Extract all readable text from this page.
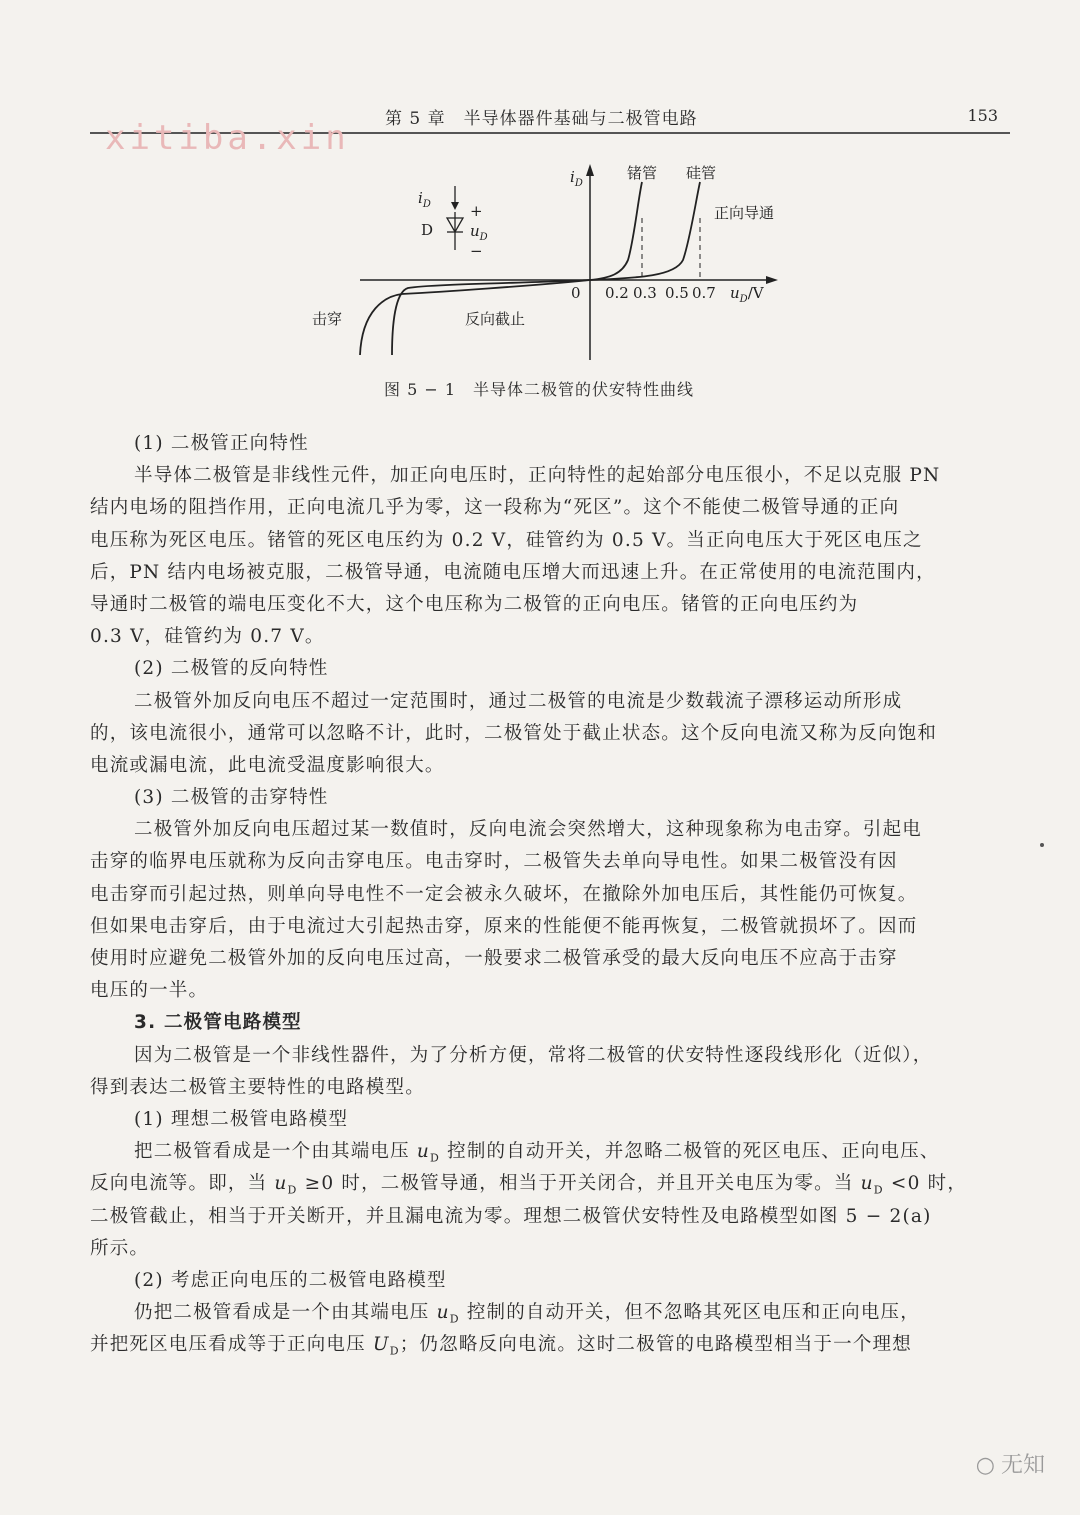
第 5 章　半导体器件基础与二极管电路	153
xitiba.xin
$i_D$
锗管 硅管
正向导通
击穿	反向截止
0 0.2 0.3 0.5 0.7 $u_D/V$
$i_D$
D
+
$u_D$
−
图 5 − 1　半导体二极管的伏安特性曲线
(1) 二极管正向特性
半导体二极管是非线性元件，加正向电压时，正向特性的起始部分电压很小，不足以克服 PN
结内电场的阻挡作用，正向电流几乎为零，这一段称为“死区”。这个不能使二极管导通的正向
电压称为死区电压。锗管的死区电压约为 0.2 V，硅管约为 0.5 V。当正向电压大于死区电压之
后，PN 结内电场被克服，二极管导通，电流随电压增大而迅速上升。在正常使用的电流范围内，
导通时二极管的端电压变化不大，这个电压称为二极管的正向电压。锗管的正向电压约为
0.3 V，硅管约为 0.7 V。
(2) 二极管的反向特性
二极管外加反向电压不超过一定范围时，通过二极管的电流是少数载流子漂移运动所形成
的，该电流很小，通常可以忽略不计，此时，二极管处于截止状态。这个反向电流又称为反向饱和
电流或漏电流，此电流受温度影响很大。
(3) 二极管的击穿特性
二极管外加反向电压超过某一数值时，反向电流会突然增大，这种现象称为电击穿。引起电
击穿的临界电压就称为反向击穿电压。电击穿时，二极管失去单向导电性。如果二极管没有因
电击穿而引起过热，则单向导电性不一定会被永久破坏，在撤除外加电压后，其性能仍可恢复。
但如果电击穿后，由于电流过大引起热击穿，原来的性能便不能再恢复，二极管就损坏了。因而
使用时应避免二极管外加的反向电压过高，一般要求二极管承受的最大反向电压不应高于击穿
电压的一半。
3. 二极管电路模型
因为二极管是一个非线性器件，为了分析方便，常将二极管的伏安特性逐段线形化（近似），
得到表达二极管主要特性的电路模型。
(1) 理想二极管电路模型
把二极管看成是一个由其端电压 $u_D$ 控制的自动开关，并忽略二极管的死区电压、正向电压、
反向电流等。即，当 $u_D \ge 0$ 时，二极管导通，相当于开关闭合，并且开关电压为零。当 $u_D <0$ 时，
二极管截止，相当于开关断开，并且漏电流为零。理想二极管伏安特性及电路模型如图 5 − 2(a)
所示。
(2) 考虑正向电压的二极管电路模型
仍把二极管看成是一个由其端电压 $u_D$ 控制的自动开关，但不忽略其死区电压和正向电压，
并把死区电压看成等于正向电压 $U_D$；仍忽略反向电流。这时二极管的电路模型相当于一个理想
○​ 无知
